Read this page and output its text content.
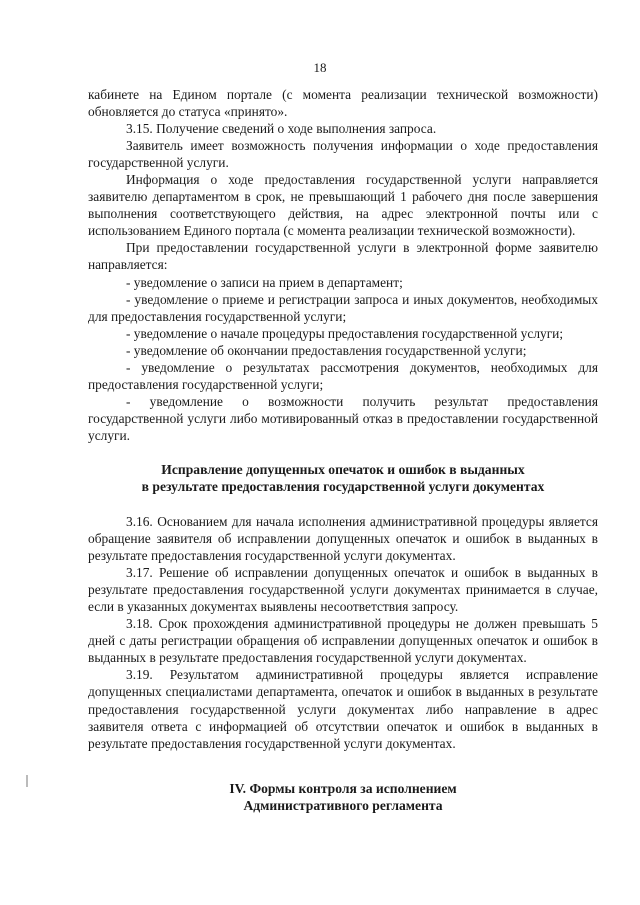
18

кабинете на Едином портале (с момента реализации технической возможности) обновляется до статуса «принято».

3.15. Получение сведений о ходе выполнения запроса.

Заявитель имеет возможность получения информации о ходе предоставления государственной услуги.

Информация о ходе предоставления государственной услуги направляется заявителю департаментом в срок, не превышающий 1 рабочего дня после завершения выполнения соответствующего действия, на адрес электронной почты или с использованием Единого портала (с момента реализации технической возможности).

При предоставлении государственной услуги в электронной форме заявителю направляется:

- уведомление о записи на прием в департамент;

- уведомление о приеме и регистрации запроса и иных документов, необходимых для предоставления государственной услуги;

- уведомление о начале процедуры предоставления государственной услуги;

- уведомление об окончании предоставления государственной услуги;

- уведомление о результатах рассмотрения документов, необходимых для предоставления государственной услуги;

- уведомление о возможности получить результат предоставления государственной услуги либо мотивированный отказ в предоставлении государственной услуги.

Исправление допущенных опечаток и ошибок в выданных
в результате предоставления государственной услуги документах

3.16. Основанием для начала исполнения административной процедуры является обращение заявителя об исправлении допущенных опечаток и ошибок в выданных в результате предоставления государственной услуги документах.

3.17. Решение об исправлении допущенных опечаток и ошибок в выданных в результате предоставления государственной услуги документах принимается в случае, если в указанных документах выявлены несоответствия запросу.

3.18. Срок прохождения административной процедуры не должен превышать 5 дней с даты регистрации обращения об исправлении допущенных опечаток и ошибок в выданных в результате предоставления государственной услуги документах.

3.19. Результатом административной процедуры является исправление допущенных специалистами департамента, опечаток и ошибок в выданных в результате предоставления государственной услуги документах либо направление в адрес заявителя ответа с информацией об отсутствии опечаток и ошибок в выданных в результате предоставления государственной услуги документах.

IV. Формы контроля за исполнением
Административного регламента
